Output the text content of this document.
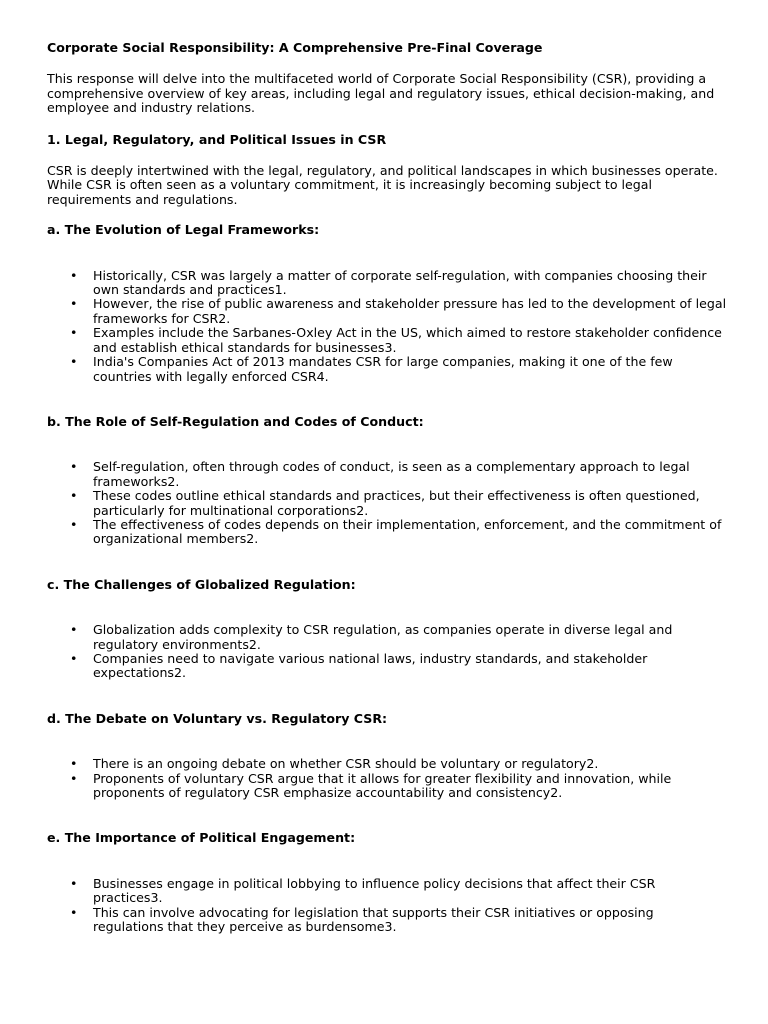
Corporate Social Responsibility: A Comprehensive Pre-Final Coverage

This response will delve into the multifaceted world of Corporate Social Responsibility (CSR), providing a comprehensive overview of key areas, including legal and regulatory issues, ethical decision-making, and employee and industry relations.

1. Legal, Regulatory, and Political Issues in CSR

CSR is deeply intertwined with the legal, regulatory, and political landscapes in which businesses operate. While CSR is often seen as a voluntary commitment, it is increasingly becoming subject to legal requirements and regulations.

a. The Evolution of Legal Frameworks:

• Historically, CSR was largely a matter of corporate self-regulation, with companies choosing their own standards and practices1.
• However, the rise of public awareness and stakeholder pressure has led to the development of legal frameworks for CSR2.
• Examples include the Sarbanes-Oxley Act in the US, which aimed to restore stakeholder confidence and establish ethical standards for businesses3.
• India's Companies Act of 2013 mandates CSR for large companies, making it one of the few countries with legally enforced CSR4.

b. The Role of Self-Regulation and Codes of Conduct:

• Self-regulation, often through codes of conduct, is seen as a complementary approach to legal frameworks2.
• These codes outline ethical standards and practices, but their effectiveness is often questioned, particularly for multinational corporations2.
• The effectiveness of codes depends on their implementation, enforcement, and the commitment of organizational members2.

c. The Challenges of Globalized Regulation:

• Globalization adds complexity to CSR regulation, as companies operate in diverse legal and regulatory environments2.
• Companies need to navigate various national laws, industry standards, and stakeholder expectations2.

d. The Debate on Voluntary vs. Regulatory CSR:

• There is an ongoing debate on whether CSR should be voluntary or regulatory2.
• Proponents of voluntary CSR argue that it allows for greater flexibility and innovation, while proponents of regulatory CSR emphasize accountability and consistency2.

e. The Importance of Political Engagement:

• Businesses engage in political lobbying to influence policy decisions that affect their CSR practices3.
• This can involve advocating for legislation that supports their CSR initiatives or opposing regulations that they perceive as burdensome3.
